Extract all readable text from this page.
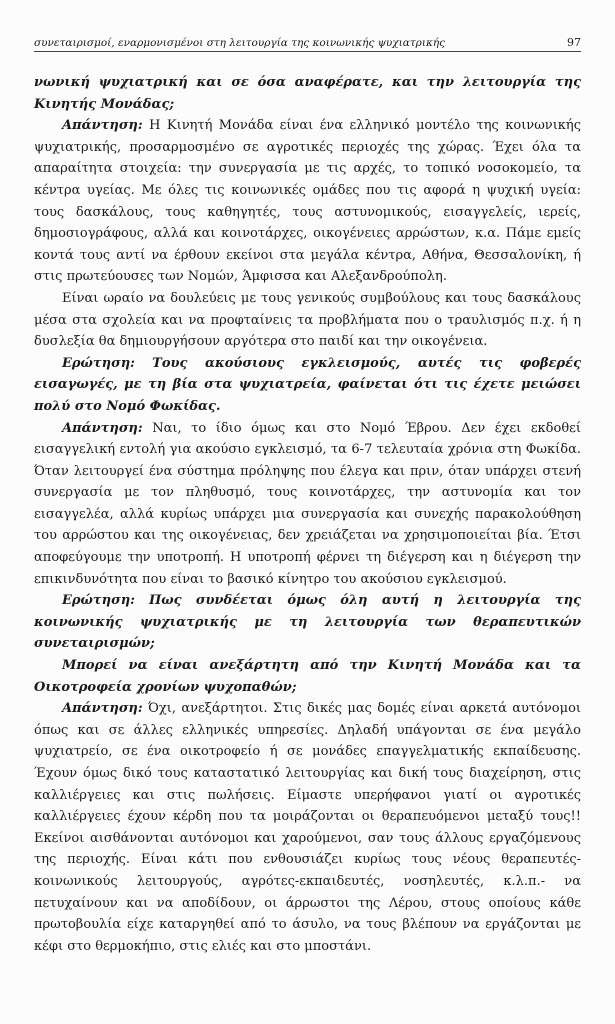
συνεταιρισμοί, εναρμονισμένοι στη λειτουργία της κοινωνικής ψυχιατρικής	97

νωνική ψυχιατρική και σε όσα αναφέρατε, και την λειτουργία της Κινητής Μονάδας;

Απάντηση: Η Κινητή Μονάδα είναι ένα ελληνικό μοντέλο της κοινωνικής ψυχιατρικής, προσαρμοσμένο σε αγροτικές περιοχές της χώρας. Έχει όλα τα απαραίτητα στοιχεία: την συνεργασία με τις αρχές, το τοπικό νοσοκομείο, τα κέντρα υγείας. Με όλες τις κοινωνικές ομάδες που τις αφορά η ψυχική υγεία: τους δασκάλους, τους καθηγητές, τους αστυνομικούς, εισαγγελείς, ιερείς, δημοσιογράφους, αλλά και κοινοτάρχες, οικογένειες αρρώστων, κ.α. Πάμε εμείς κοντά τους αντί να έρθουν εκείνοι στα μεγάλα κέντρα, Αθήνα, Θεσσαλονίκη, ή στις πρωτεύουσες των Νομών, Άμφισσα και Αλεξανδρούπολη.

Είναι ωραίο να δουλεύεις με τους γενικούς συμβούλους και τους δασκάλους μέσα στα σχολεία και να προφταίνεις τα προβλήματα που ο τραυλισμός π.χ. ή η δυσλεξία θα δημιουργήσουν αργότερα στο παιδί και την οικογένεια.

Ερώτηση: Τους ακούσιους εγκλεισμούς, αυτές τις φοβερές εισαγωγές, με τη βία στα ψυχιατρεία, φαίνεται ότι τις έχετε μειώσει πολύ στο Νομό Φωκίδας.

Απάντηση: Ναι, το ίδιο όμως και στο Νομό Έβρου. Δεν έχει εκδοθεί εισαγγελική εντολή για ακούσιο εγκλεισμό, τα 6-7 τελευταία χρόνια στη Φωκίδα. Όταν λειτουργεί ένα σύστημα πρόληψης που έλεγα και πριν, όταν υπάρχει στενή συνεργασία με τον πληθυσμό, τους κοινοτάρχες, την αστυνομία και τον εισαγγελέα, αλλά κυρίως υπάρχει μια συνεργασία και συνεχής παρακολούθηση του αρρώστου και της οικογένειας, δεν χρειάζεται να χρησιμοποιείται βία. Έτσι αποφεύγουμε την υποτροπή. Η υποτροπή φέρνει τη διέγερση και η διέγερση την επικινδυνότητα που είναι το βασικό κίνητρο του ακούσιου εγκλεισμού.

Ερώτηση: Πως συνδέεται όμως όλη αυτή η λειτουργία της κοινωνικής ψυχιατρικής με τη λειτουργία των θεραπευτικών συνεταιρισμών;

Μπορεί να είναι ανεξάρτητη από την Κινητή Μονάδα και τα Οικοτροφεία χρονίων ψυχοπαθών;

Απάντηση: Όχι, ανεξάρτητοι. Στις δικές μας δομές είναι αρκετά αυτόνομοι όπως και σε άλλες ελληνικές υπηρεσίες. Δηλαδή υπάγονται σε ένα μεγάλο ψυχιατρείο, σε ένα οικοτροφείο ή σε μονάδες επαγγελματικής εκπαίδευσης. Έχουν όμως δικό τους καταστατικό λειτουργίας και δική τους διαχείρηση, στις καλλιέργειες και στις πωλήσεις. Είμαστε υπερήφανοι γιατί οι αγροτικές καλλιέργειες έχουν κέρδη που τα μοιράζονται οι θεραπευόμενοι μεταξύ τους!! Εκείνοι αισθάνονται αυτόνομοι και χαρούμενοι, σαν τους άλλους εργαζόμενους της περιοχής. Είναι κάτι που ενθουσιάζει κυρίως τους νέους θεραπευτές-κοινωνικούς λειτουργούς, αγρότες-εκπαιδευτές, νοσηλευτές, κ.λ.π.- να πετυχαίνουν και να αποδίδουν, οι άρρωστοι της Λέρου, στους οποίους κάθε πρωτοβουλία είχε καταργηθεί από το άσυλο, να τους βλέπουν να εργάζονται με κέφι στο θερμοκήπιο, στις ελιές και στο μποστάνι.
